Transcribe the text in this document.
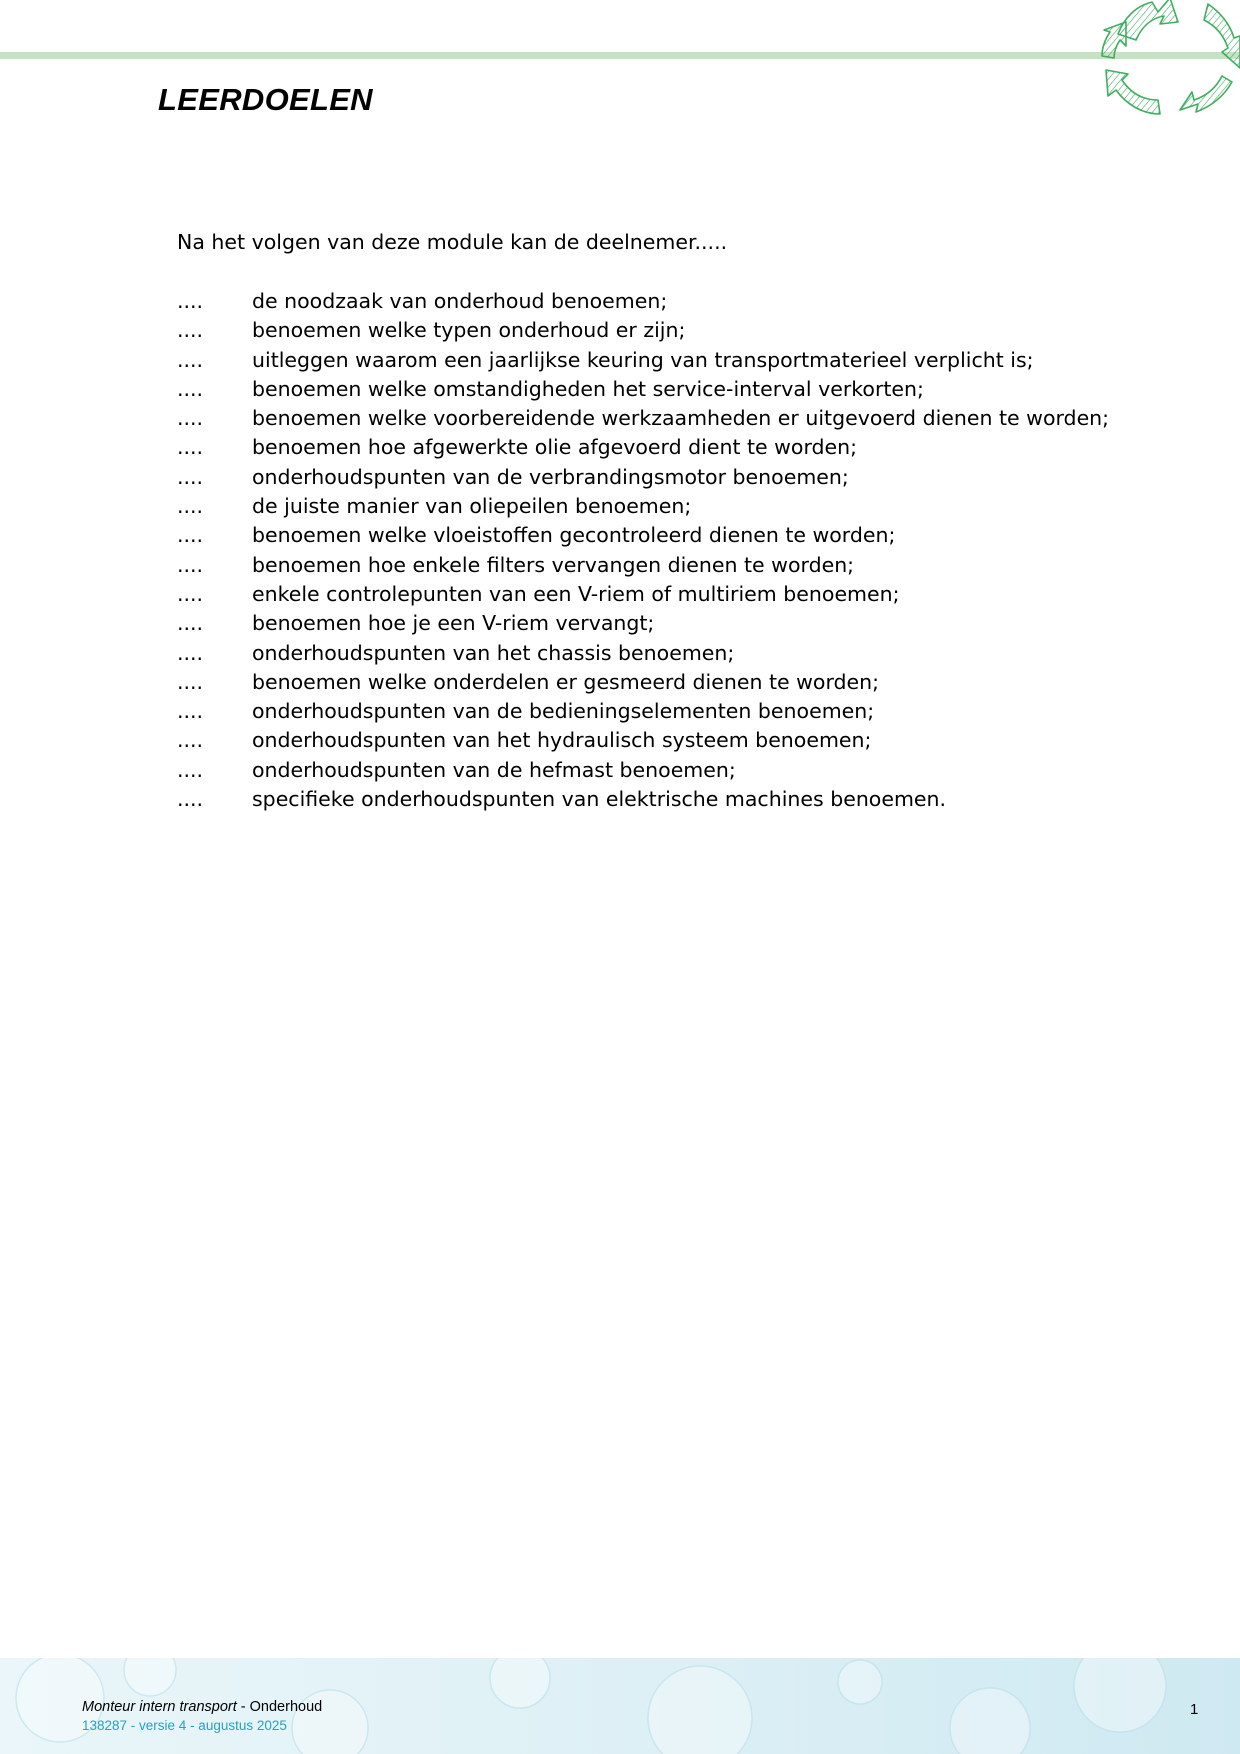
LEERDOELEN

Na het volgen van deze module kan de deelnemer.....

.... de noodzaak van onderhoud benoemen;
.... benoemen welke typen onderhoud er zijn;
.... uitleggen waarom een jaarlijkse keuring van transportmaterieel verplicht is;
.... benoemen welke omstandigheden het service-interval verkorten;
.... benoemen welke voorbereidende werkzaamheden er uitgevoerd dienen te worden;
.... benoemen hoe afgewerkte olie afgevoerd dient te worden;
.... onderhoudspunten van de verbrandingsmotor benoemen;
.... de juiste manier van oliepeilen benoemen;
.... benoemen welke vloeistoffen gecontroleerd dienen te worden;
.... benoemen hoe enkele filters vervangen dienen te worden;
.... enkele controlepunten van een V-riem of multiriem benoemen;
.... benoemen hoe je een V-riem vervangt;
.... onderhoudspunten van het chassis benoemen;
.... benoemen welke onderdelen er gesmeerd dienen te worden;
.... onderhoudspunten van de bedieningselementen benoemen;
.... onderhoudspunten van het hydraulisch systeem benoemen;
.... onderhoudspunten van de hefmast benoemen;
.... specifieke onderhoudspunten van elektrische machines benoemen.

Monteur intern transport - Onderhoud

138287 - versie 4 - augustus 2025

1
